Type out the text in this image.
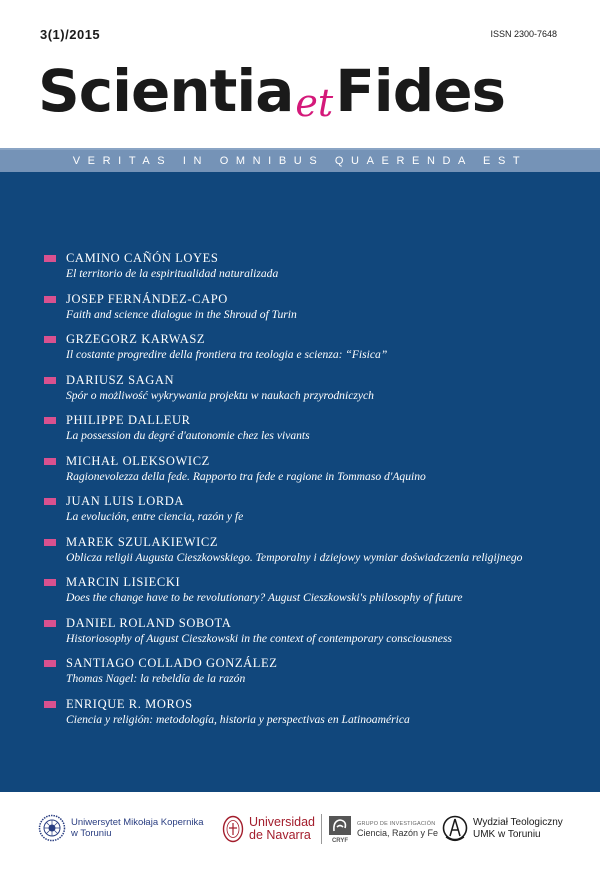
3(1)/2015	ISSN 2300-7648
ScientiaetFides
VERITAS IN OMNIBUS QUAERENDA EST
CAMINO CAÑÓN LOYES
El territorio de la espiritualidad naturalizada
JOSEP FERNÁNDEZ-CAPO
Faith and science dialogue in the Shroud of Turin
GRZEGORZ KARWASZ
Il costante progredire della frontiera tra teologia e scienza: “Fisica”
DARIUSZ SAGAN
Spór o możliwość wykrywania projektu w naukach przyrodniczych
PHILIPPE DALLEUR
La possession du degré d'autonomie chez les vivants
MICHAŁ OLEKSOWICZ
Ragionevolezza della fede. Rapporto tra fede e ragione in Tommaso d'Aquino
JUAN LUIS LORDA
La evolución, entre ciencia, razón y fe
MAREK SZULAKIEWICZ
Oblicza religii Augusta Cieszkowskiego. Temporalny i dziejowy wymiar doświadczenia religijnego
MARCIN LISIECKI
Does the change have to be revolutionary? August Cieszkowski's philosophy of future
DANIEL ROLAND SOBOTA
Historiosophy of August Cieszkowski in the context of contemporary consciousness
SANTIAGO COLLADO GONZÁLEZ
Thomas Nagel: la rebeldía de la razón
ENRIQUE R. MOROS
Ciencia y religión: metodología, historia y perspectivas en Latinoamérica
Uniwersytet Mikołaja Kopernika
w Toruniu
Universidad
de Navarra	CRYF
GRUPO DE INVESTIGACIÓN
Ciencia, Razón y Fe
Wydział Teologiczny
UMK w Toruniu
